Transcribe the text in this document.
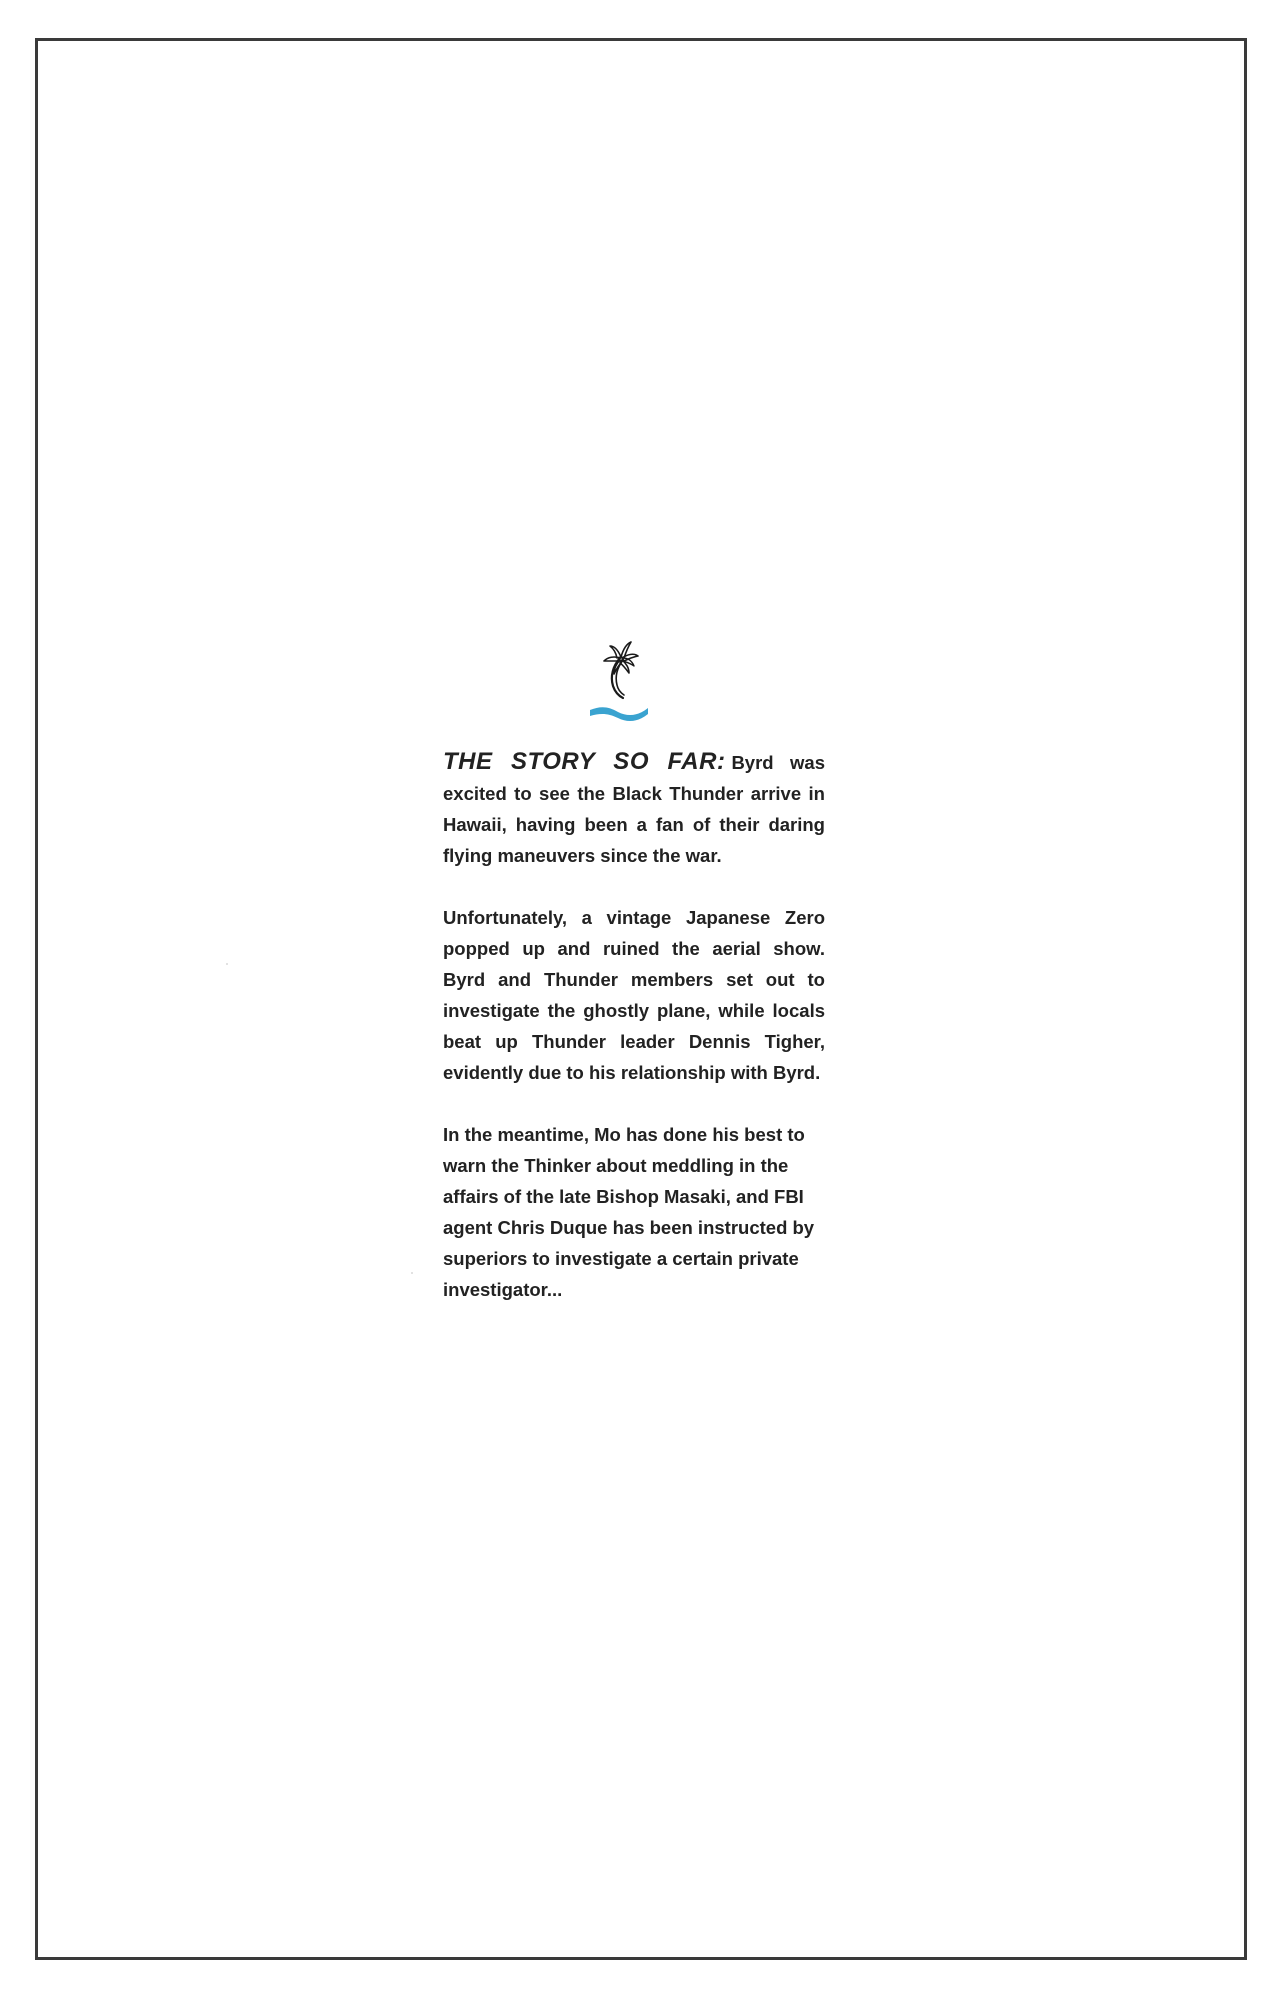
THE STORY SO FAR: Byrd was excited to see the Black Thunder arrive in Hawaii, having been a fan of their daring flying maneuvers since the war.

Unfortunately, a vintage Japanese Zero popped up and ruined the aerial show. Byrd and Thunder members set out to investigate the ghostly plane, while locals beat up Thunder leader Dennis Tigher, evidently due to his relationship with Byrd.

In the meantime, Mo has done his best to warn the Thinker about meddling in the affairs of the late Bishop Masaki, and FBI agent Chris Duque has been instructed by superiors to investigate a certain private investigator...
